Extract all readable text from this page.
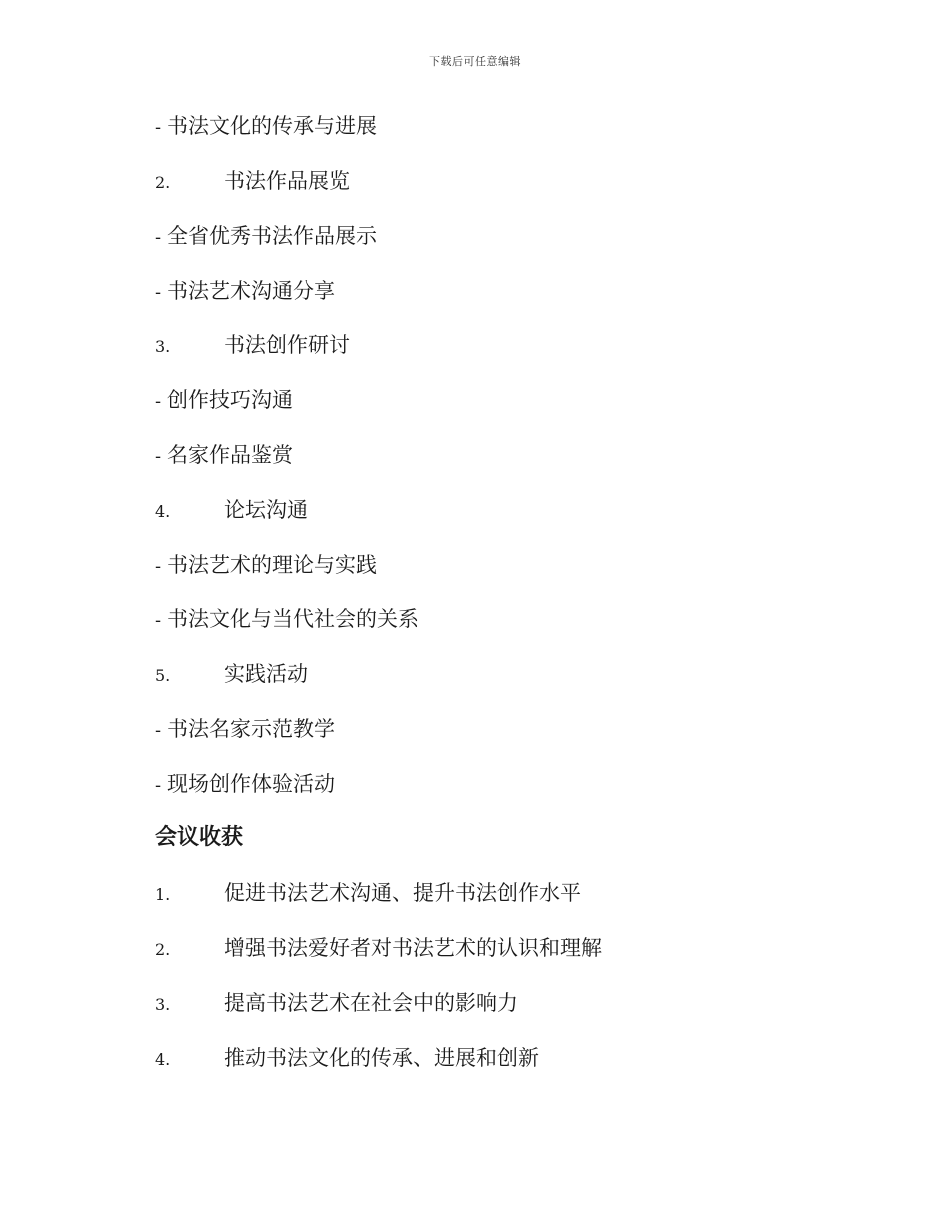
下载后可任意编辑
- 书法文化的传承与进展
2.	书法作品展览
- 全省优秀书法作品展示
- 书法艺术沟通分享
3.	书法创作研讨
- 创作技巧沟通
- 名家作品鉴赏
4.	论坛沟通
- 书法艺术的理论与实践
- 书法文化与当代社会的关系
5.	实践活动
- 书法名家示范教学
- 现场创作体验活动
会议收获
1.	促进书法艺术沟通、提升书法创作水平
2.	增强书法爱好者对书法艺术的认识和理解
3.	提高书法艺术在社会中的影响力
4.	推动书法文化的传承、进展和创新
